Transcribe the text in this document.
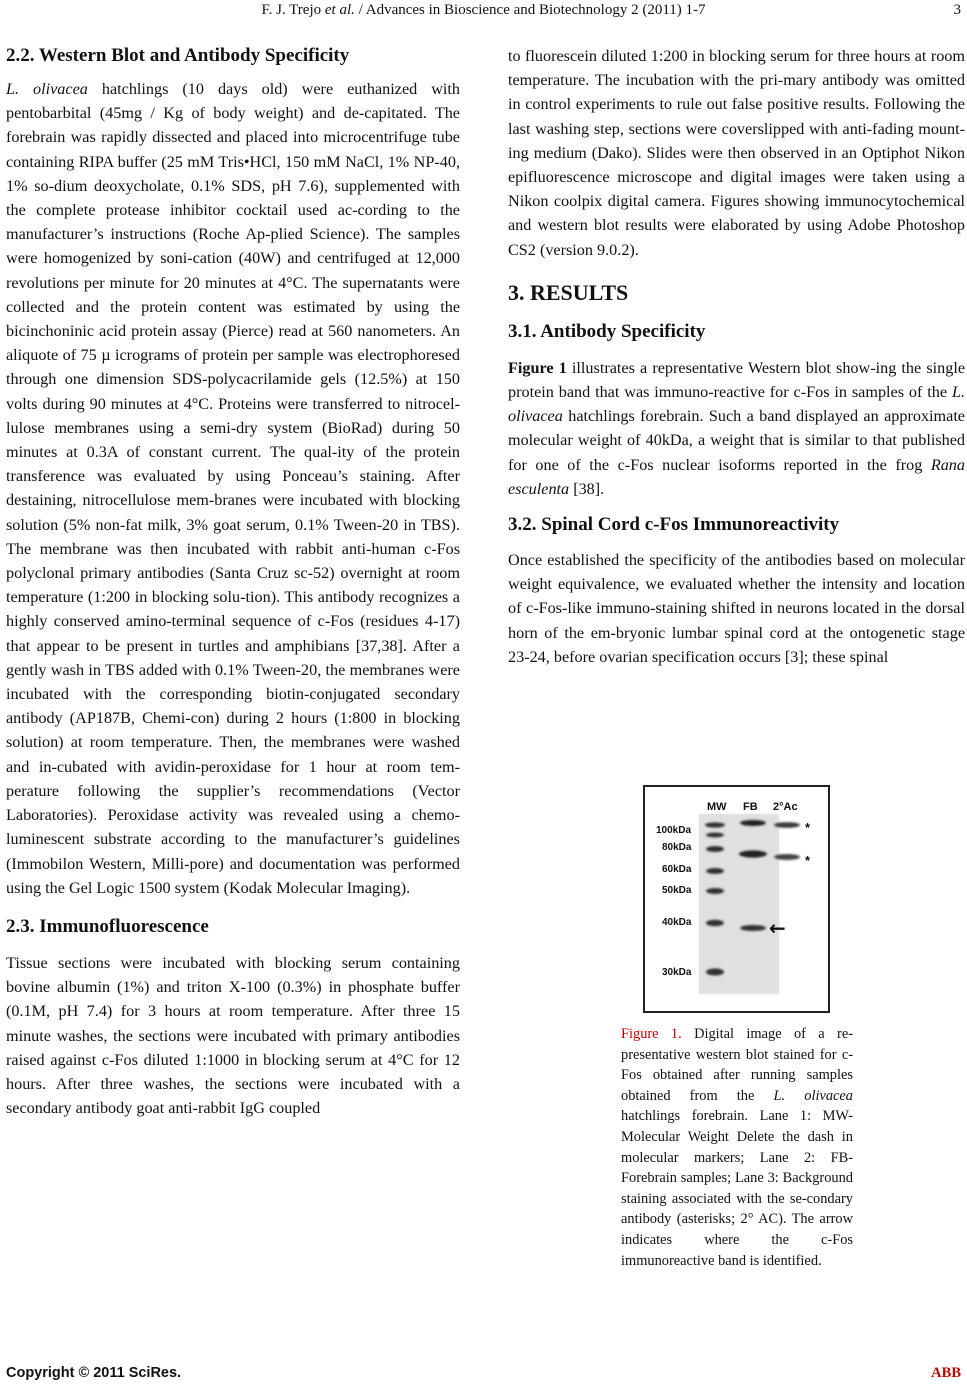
F. J. Trejo et al. / Advances in Bioscience and Biotechnology 2 (2011) 1-7	3
2.2. Western Blot and Antibody Specificity

L. olivacea hatchlings (10 days old) were euthanized with pentobarbital (45mg / Kg of body weight) and de-capitated. The forebrain was rapidly dissected and placed into microcentrifuge tube containing RIPA buffer (25 mM Tris•HCl, 150 mM NaCl, 1% NP-40, 1% so-dium deoxycholate, 0.1% SDS, pH 7.6), supplemented with the complete protease inhibitor cocktail used ac-cording to the manufacturer’s instructions (Roche Ap-plied Science). The samples were homogenized by soni-cation (40W) and centrifuged at 12,000 revolutions per minute for 20 minutes at 4°C. The supernatants were collected and the protein content was estimated by using the bicinchoninic acid protein assay (Pierce) read at 560 nanometers. An aliquote of 75 µ icrograms of protein per sample was electrophoresed through one dimension SDS-polycacrilamide gels (12.5%) at 150 volts during 90 minutes at 4°C. Proteins were transferred to nitrocel-lulose membranes using a semi-dry system (BioRad) during 50 minutes at 0.3A of constant current. The qual-ity of the protein transference was evaluated by using Ponceau’s staining. After destaining, nitrocellulose mem-branes were incubated with blocking solution (5% non-fat milk, 3% goat serum, 0.1% Tween-20 in TBS). The membrane was then incubated with rabbit anti-human c-Fos polyclonal primary antibodies (Santa Cruz sc-52) overnight at room temperature (1:200 in blocking solu-tion). This antibody recognizes a highly conserved amino-terminal sequence of c-Fos (residues 4-17) that appear to be present in turtles and amphibians [37,38]. After a gently wash in TBS added with 0.1% Tween-20, the membranes were incubated with the corresponding biotin-conjugated secondary antibody (AP187B, Chemi-con) during 2 hours (1:800 in blocking solution) at room temperature. Then, the membranes were washed and in-cubated with avidin-peroxidase for 1 hour at room tem-perature following the supplier’s recommendations (Vector Laboratories). Peroxidase activity was revealed using a chemo-luminescent substrate according to the manufacturer’s guidelines (Immobilon Western, Milli-pore) and documentation was performed using the Gel Logic 1500 system (Kodak Molecular Imaging).

2.3. Immunofluorescence

Tissue sections were incubated with blocking serum containing bovine albumin (1%) and triton X-100 (0.3%) in phosphate buffer (0.1M, pH 7.4) for 3 hours at room temperature. After three 15 minute washes, the sections were incubated with primary antibodies raised against c-Fos diluted 1:1000 in blocking serum at 4°C for 12 hours. After three washes, the sections were incubated with a secondary antibody goat anti-rabbit IgG coupled

to fluorescein diluted 1:200 in blocking serum for three hours at room temperature. The incubation with the pri-mary antibody was omitted in control experiments to rule out false positive results. Following the last washing step, sections were coverslipped with anti-fading mount-ing medium (Dako). Slides were then observed in an Optiphot Nikon epifluorescence microscope and digital images were taken using a Nikon coolpix digital camera. Figures showing immunocytochemical and western blot results were elaborated by using Adobe Photoshop CS2 (version 9.0.2).

3. RESULTS
3.1. Antibody Specificity

Figure 1 illustrates a representative Western blot show-ing the single protein band that was immuno-reactive for c-Fos in samples of the L. olivacea hatchlings forebrain. Such a band displayed an approximate molecular weight of 40kDa, a weight that is similar to that published for one of the c-Fos nuclear isoforms reported in the frog Rana esculenta [38].

3.2. Spinal Cord c-Fos Immunoreactivity

Once established the specificity of the antibodies based on molecular weight equivalence, we evaluated whether the intensity and location of c-Fos-like immuno-staining shifted in neurons located in the dorsal horn of the em-bryonic lumbar spinal cord at the ontogenetic stage 23-24, before ovarian specification occurs [3]; these spinal

MW FB 2°Ac
100kDa
80kDa
60kDa
50kDa
40kDa
30kDa
*
*
←
Figure 1. Digital image of a re-presentative western blot stained for c-Fos obtained after running samples obtained from the L. olivacea hatchlings forebrain. Lane 1: MW-Molecular Weight Delete the dash in molecular markers; Lane 2: FB-Forebrain samples; Lane 3: Background staining associated with the se-condary antibody (asterisks; 2° AC). The arrow indicates where the c-Fos immunoreactive band is identified.
Copyright © 2011 SciRes.	ABB
